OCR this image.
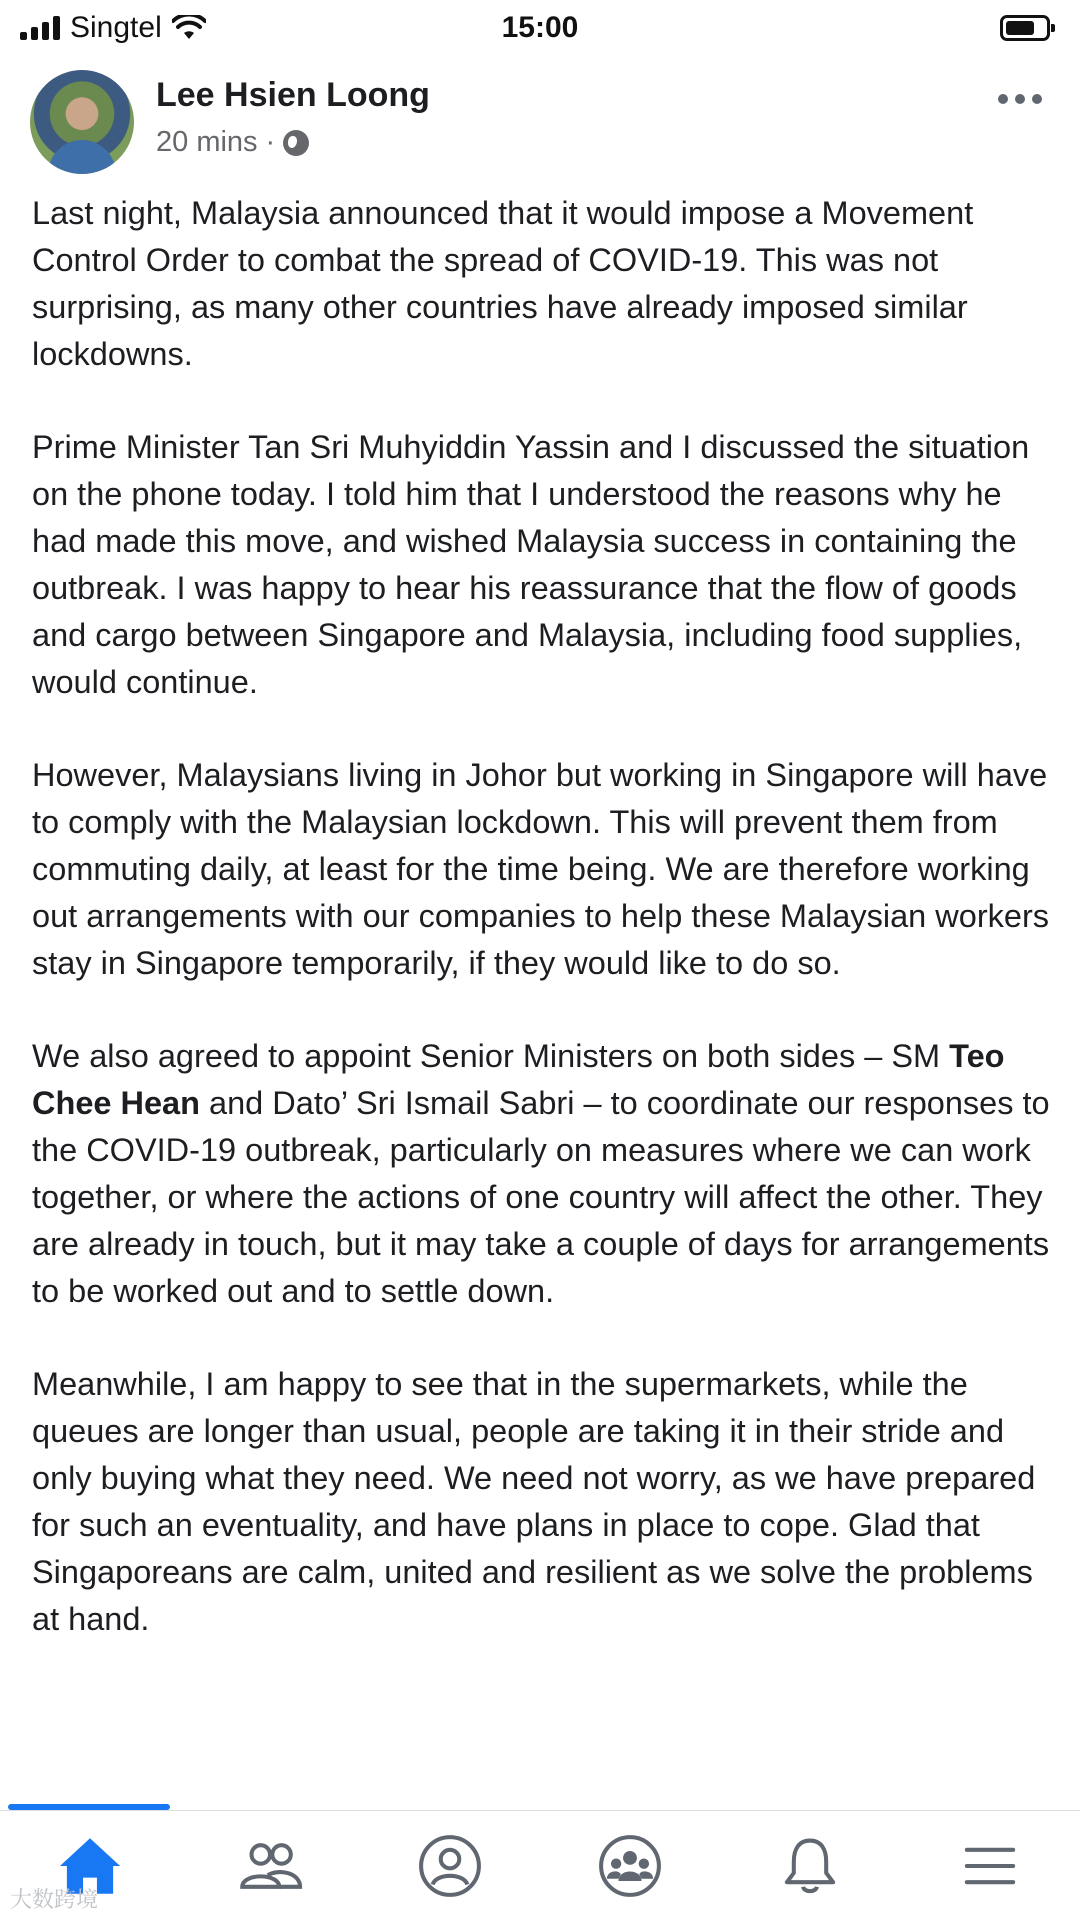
Singtel	15:00
Lee Hsien Loong
20 mins ·

Last night, Malaysia announced that it would impose a Movement Control Order to combat the spread of COVID-19. This was not surprising, as many other countries have already imposed similar lockdowns.

Prime Minister Tan Sri Muhyiddin Yassin and I discussed the situation on the phone today. I told him that I understood the reasons why he had made this move, and wished Malaysia success in containing the outbreak. I was happy to hear his reassurance that the flow of goods and cargo between Singapore and Malaysia, including food supplies, would continue.

However, Malaysians living in Johor but working in Singapore will have to comply with the Malaysian lockdown. This will prevent them from commuting daily, at least for the time being. We are therefore working out arrangements with our companies to help these Malaysian workers stay in Singapore temporarily, if they would like to do so.

We also agreed to appoint Senior Ministers on both sides – SM Teo Chee Hean and Dato’ Sri Ismail Sabri – to coordinate our responses to the COVID-19 outbreak, particularly on measures where we can work together, or where the actions of one country will affect the other. They are already in touch, but it may take a couple of days for arrangements to be worked out and to settle down.

Meanwhile, I am happy to see that in the supermarkets, while the queues are longer than usual, people are taking it in their stride and only buying what they need. We need not worry, as we have prepared for such an eventuality, and have plans in place to cope. Glad that Singaporeans are calm, united and resilient as we solve the problems at hand.

大数跨境
